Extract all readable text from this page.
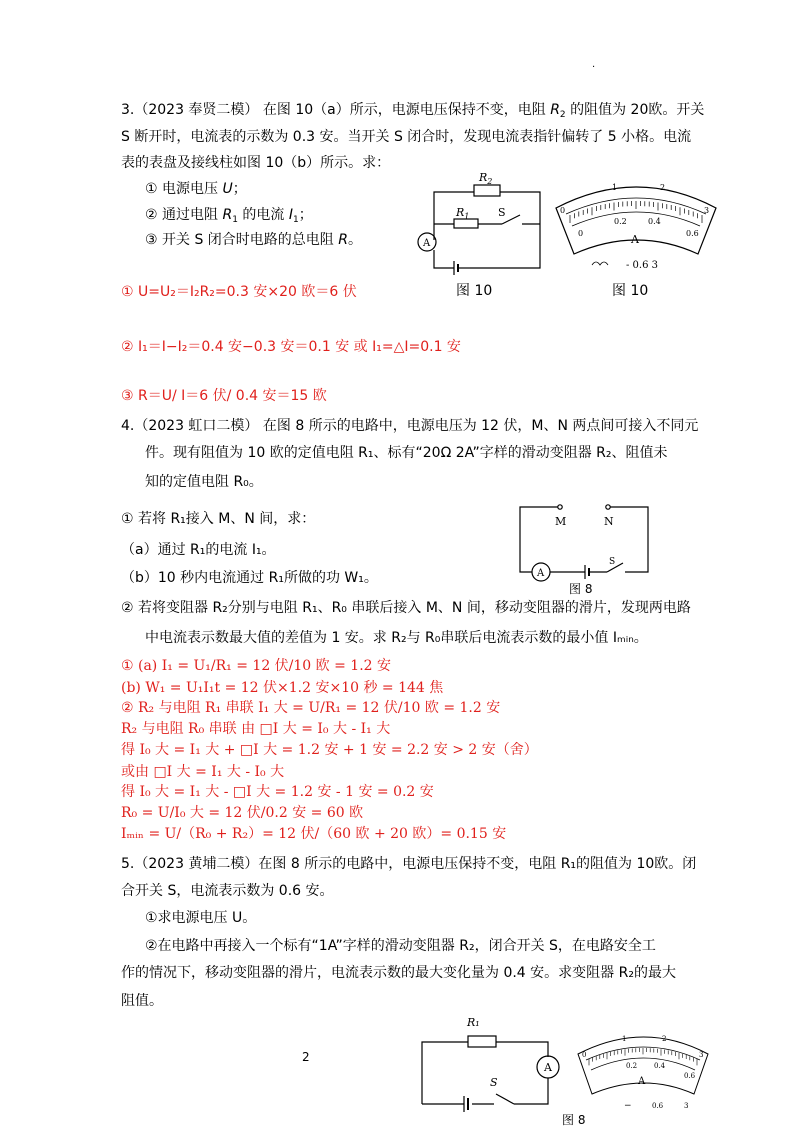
.
3.（2023 奉贤二模） 在图 10（a）所示，电源电压保持不变，电阻 $R_2$ 的阻值为 20欧。开关
S 断开时，电流表的示数为 0.3 安。当开关 S 闭合时，发现电流表指针偏转了 5 小格。电流
表的表盘及接线柱如图 10（b）所示。求：
① 电源电压 U；
② 通过电阻 $R_1$ 的电流 $I_1$；
③ 开关 S 闭合时电路的总电阻 R。
$R_2$
$R_1$	S
A
0
1	2
3
0
0.2	0.4
0.6
A
- 0.6 3
图 10	图 10
① U=U₂＝I₂R₂=0.3 安×20 欧＝6 伏
② I₁＝I−I₂＝0.4 安−0.3 安＝0.1 安 或 I₁=△I=0.1 安
③ R＝U/ I＝6 伏/ 0.4 安＝15 欧
4.（2023 虹口二模） 在图 8 所示的电路中，电源电压为 12 伏，M、N 两点间可接入不同元
件。现有阻值为 10 欧的定值电阻 R₁、标有“20Ω 2A”字样的滑动变阻器 R₂、阻值未
知的定值电阻 R₀。
① 若将 R₁接入 M、N 间，求：
（a）通过 R₁的电流 I₁。
（b）10 秒内电流通过 R₁所做的功 W₁。
② 若将变阻器 R₂分别与电阻 R₁、R₀ 串联后接入 M、N 间，移动变阻器的滑片，发现两电路
中电流表示数最大值的差值为 1 安。求 R₂与 R₀串联后电流表示数的最小值 Iₘᵢₙ。
M	N
A
S
图 8
① (a) I₁ = U₁/R₁ = 12 伏/10 欧 = 1.2 安
(b) W₁ = U₁I₁t = 12 伏×1.2 安×10 秒 = 144 焦
② R₂ 与电阻 R₁ 串联 I₁ 大 = U/R₁ = 12 伏/10 欧 = 1.2 安
R₂ 与电阻 R₀ 串联 由 □I 大 = I₀ 大 - I₁ 大
得 I₀ 大 = I₁ 大 + □I 大 = 1.2 安 + 1 安 = 2.2 安 > 2 安（舍）
或由 □I 大 = I₁ 大 - I₀ 大
得 I₀ 大 = I₁ 大 - □I 大 = 1.2 安 - 1 安 = 0.2 安
R₀ = U/I₀ 大 = 12 伏/0.2 安 = 60 欧
Iₘᵢₙ = U/（R₀ + R₂）= 12 伏/（60 欧 + 20 欧）= 0.15 安
5.（2023 黄埔二模）在图 8 所示的电路中，电源电压保持不变，电阻 R₁的阻值为 10欧。闭
合开关 S，电流表示数为 0.6 安。
①求电源电压 U。
②在电路中再接入一个标有“1A”字样的滑动变阻器 R₂，闭合开关 S，在电路安全工
作的情况下，移动变阻器的滑片，电流表示数的最大变化量为 0.4 安。求变阻器 R₂的最大
阻值。
R₁
S
A
0
1	2
3
0.2 0.4
0.6
A
−	0.6	3
图 8
2
